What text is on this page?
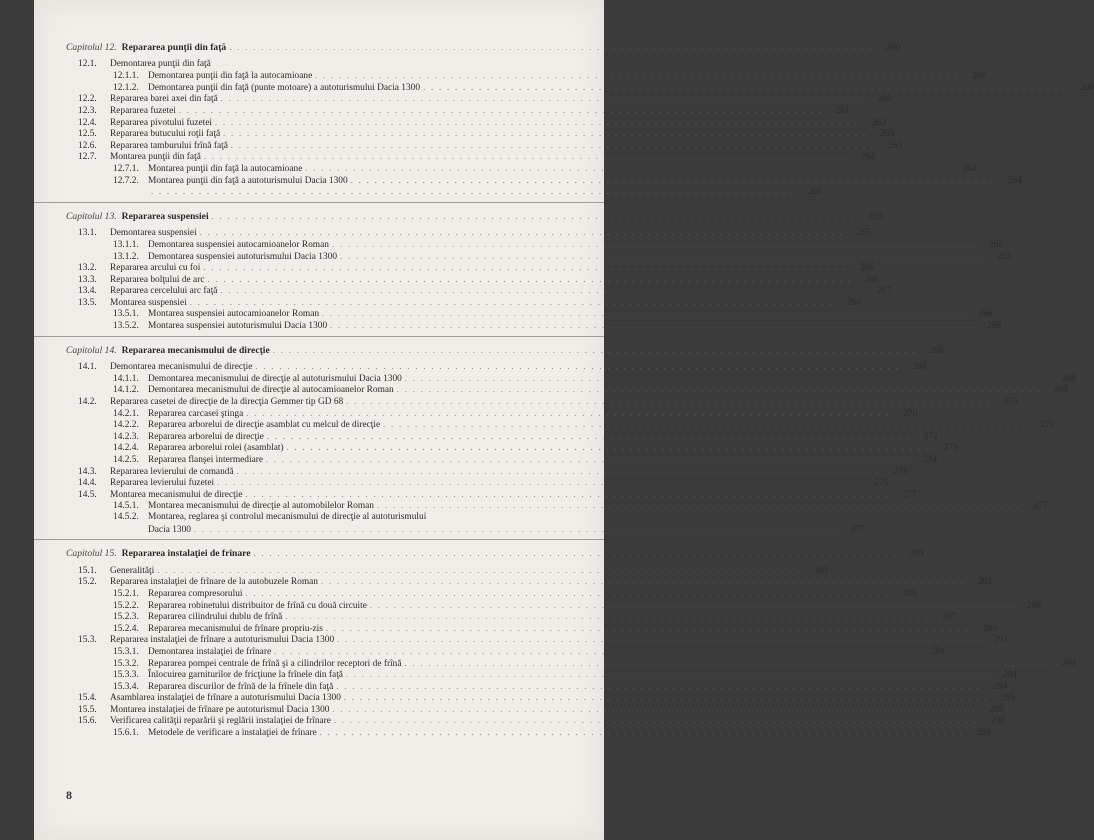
Capitolul 12. Repararea punţii din faţă . . . . . . . . . . . . . . . . . . . . . . . . . . . . . . . . . . . . . . . . . . . . . . . . . . . . . . . . . . . . . . . . . . . . . . . . . . . . . . . . .	260
12.1.	Demontarea punţii din faţă
12.1.1. Demontarea punţii din faţă la autocamioane . . . . . . . . . . . . . . . . . . . . . . . . . . . . . . . . . . . . . . . . . . . . . . . . . . . . . . . . . . . . . . . . . . . . . . . . . . . . . . . . .	260
12.1.2. Demontarea punţii din faţă (punte motoare) a autoturismului Dacia 1300 . . . . . . . . . . . . . . . . . . . . . . . . . . . . . . . . . . . . . . . . . . . . . . . . . . . . . . . . . . . . . . . . . . . . . . . . . . . . . . . . .	260
12.2.	Repararea barei axei din faţă . . . . . . . . . . . . . . . . . . . . . . . . . . . . . . . . . . . . . . . . . . . . . . . . . . . . . . . . . . . . . . . . . . . . . . . . . . . . . . . . .	260
12.3.	Repararea fuzetei . . . . . . . . . . . . . . . . . . . . . . . . . . . . . . . . . . . . . . . . . . . . . . . . . . . . . . . . . . . . . . . . . . . . . . . . . . . . . . . . .	261
12.4.	Repararea pivotului fuzetei . . . . . . . . . . . . . . . . . . . . . . . . . . . . . . . . . . . . . . . . . . . . . . . . . . . . . . . . . . . . . . . . . . . . . . . . . . . . . . . . .	262
12.5.	Repararea butucului roţii faţă . . . . . . . . . . . . . . . . . . . . . . . . . . . . . . . . . . . . . . . . . . . . . . . . . . . . . . . . . . . . . . . . . . . . . . . . . . . . . . . . .	263
12.6.	Repararea tamburului frînă faţă . . . . . . . . . . . . . . . . . . . . . . . . . . . . . . . . . . . . . . . . . . . . . . . . . . . . . . . . . . . . . . . . . . . . . . . . . . . . . . . . .	263
12.7.	Montarea punţii din faţă . . . . . . . . . . . . . . . . . . . . . . . . . . . . . . . . . . . . . . . . . . . . . . . . . . . . . . . . . . . . . . . . . . . . . . . . . . . . . . . . .	264
12.7.1. Montarea punţii din faţă la autocamioane . . . . . . . . . . . . . . . . . . . . . . . . . . . . . . . . . . . . . . . . . . . . . . . . . . . . . . . . . . . . . . . . . . . . . . . . . . . . . . . . .	264
12.7.2. Montarea punţii din faţă a autoturismului Dacia 1300 . . . . . . . . . . . . . . . . . . . . . . . . . . . . . . . . . . . . . . . . . . . . . . . . . . . . . . . . . . . . . . . . . . . . . . . . . . . . . . . . .	264
. . . . . . . . . . . . . . . . . . . . . . . . . . . . . . . . . . . . . . . . . . . . . . . . . . . . . . . . . . . . . . . . . . . . . . . . . . . . . . . . .	265
Capitolul 13. Repararea suspensiei . . . . . . . . . . . . . . . . . . . . . . . . . . . . . . . . . . . . . . . . . . . . . . . . . . . . . . . . . . . . . . . . . . . . . . . . . . . . . . . . .	265
13.1.	Demontarea suspensiei . . . . . . . . . . . . . . . . . . . . . . . . . . . . . . . . . . . . . . . . . . . . . . . . . . . . . . . . . . . . . . . . . . . . . . . . . . . . . . . . .	265
13.1.1. Demontarea suspensiei autocamioanelor Roman . . . . . . . . . . . . . . . . . . . . . . . . . . . . . . . . . . . . . . . . . . . . . . . . . . . . . . . . . . . . . . . . . . . . . . . . . . . . . . . . .	265
13.1.2. Demontarea suspensiei autoturismului Dacia 1300 . . . . . . . . . . . . . . . . . . . . . . . . . . . . . . . . . . . . . . . . . . . . . . . . . . . . . . . . . . . . . . . . . . . . . . . . . . . . . . . . .	265
13.2.	Repararea arcului cu foi . . . . . . . . . . . . . . . . . . . . . . . . . . . . . . . . . . . . . . . . . . . . . . . . . . . . . . . . . . . . . . . . . . . . . . . . . . . . . . . . .	266
13.3.	Repararea bolţului de arc . . . . . . . . . . . . . . . . . . . . . . . . . . . . . . . . . . . . . . . . . . . . . . . . . . . . . . . . . . . . . . . . . . . . . . . . . . . . . . . . .	266
13.4.	Repararea cercelului arc faţă . . . . . . . . . . . . . . . . . . . . . . . . . . . . . . . . . . . . . . . . . . . . . . . . . . . . . . . . . . . . . . . . . . . . . . . . . . . . . . . . .	267
13.5.	Montarea suspensiei . . . . . . . . . . . . . . . . . . . . . . . . . . . . . . . . . . . . . . . . . . . . . . . . . . . . . . . . . . . . . . . . . . . . . . . . . . . . . . . . .	268
13.5.1. Montarea suspensiei autocamioanelor Roman . . . . . . . . . . . . . . . . . . . . . . . . . . . . . . . . . . . . . . . . . . . . . . . . . . . . . . . . . . . . . . . . . . . . . . . . . . . . . . . . .	268
13.5.2. Montarea suspensiei autoturismului Dacia 1300 . . . . . . . . . . . . . . . . . . . . . . . . . . . . . . . . . . . . . . . . . . . . . . . . . . . . . . . . . . . . . . . . . . . . . . . . . . . . . . . . .	268
Capitolul 14. Repararea mecanismului de direcţie . . . . . . . . . . . . . . . . . . . . . . . . . . . . . . . . . . . . . . . . . . . . . . . . . . . . . . . . . . . . . . . . . . . . . . . . . . . . . . . . .	268
14.1.	Demontarea mecanismului de direcţie . . . . . . . . . . . . . . . . . . . . . . . . . . . . . . . . . . . . . . . . . . . . . . . . . . . . . . . . . . . . . . . . . . . . . . . . . . . . . . . . .	268
14.1.1. Demontarea mecanismului de direcţie al autoturismului Dacia 1300 . . . . . . . . . . . . . . . . . . . . . . . . . . . . . . . . . . . . . . . . . . . . . . . . . . . . . . . . . . . . . . . . . . . . . . . . . . . . . . . . .	268
14.1.2. Demontarea mecanismului de direcţie al autocamioanelor Roman . . . . . . . . . . . . . . . . . . . . . . . . . . . . . . . . . . . . . . . . . . . . . . . . . . . . . . . . . . . . . . . . . . . . . . . . . . . . . . . . .	269
14.2.	Repararea casetei de direcţie de la direcţia Gemmer tip GD 68 . . . . . . . . . . . . . . . . . . . . . . . . . . . . . . . . . . . . . . . . . . . . . . . . . . . . . . . . . . . . . . . . . . . . . . . . . . . . . . . . .	270
14.2.1. Repararea carcasei ştinga . . . . . . . . . . . . . . . . . . . . . . . . . . . . . . . . . . . . . . . . . . . . . . . . . . . . . . . . . . . . . . . . . . . . . . . . . . . . . . . . .	270
14.2.2. Repararea arborelui de direcţie asamblat cu melcul de direcţie . . . . . . . . . . . . . . . . . . . . . . . . . . . . . . . . . . . . . . . . . . . . . . . . . . . . . . . . . . . . . . . . . . . . . . . . . . . . . . . . .	271
14.2.3. Repararea arborelui de direcţie . . . . . . . . . . . . . . . . . . . . . . . . . . . . . . . . . . . . . . . . . . . . . . . . . . . . . . . . . . . . . . . . . . . . . . . . . . . . . . . . .	272
14.2.4. Repararea arborelui rolei (asamblat) . . . . . . . . . . . . . . . . . . . . . . . . . . . . . . . . . . . . . . . . . . . . . . . . . . . . . . . . . . . . . . . . . . . . . . . . . . . . . . . . .	273
14.2.5. Repararea flanşei intermediare . . . . . . . . . . . . . . . . . . . . . . . . . . . . . . . . . . . . . . . . . . . . . . . . . . . . . . . . . . . . . . . . . . . . . . . . . . . . . . . . .	274
14.3.	Repararea levierului de comandă . . . . . . . . . . . . . . . . . . . . . . . . . . . . . . . . . . . . . . . . . . . . . . . . . . . . . . . . . . . . . . . . . . . . . . . . . . . . . . . . .	275
14.4.	Repararea levierului fuzetei . . . . . . . . . . . . . . . . . . . . . . . . . . . . . . . . . . . . . . . . . . . . . . . . . . . . . . . . . . . . . . . . . . . . . . . . . . . . . . . . .	276
14.5.	Montarea mecanismului de direcţie . . . . . . . . . . . . . . . . . . . . . . . . . . . . . . . . . . . . . . . . . . . . . . . . . . . . . . . . . . . . . . . . . . . . . . . . . . . . . . . . .	277
14.5.1. Montarea mecanismului de direcţie al automobilelor Roman . . . . . . . . . . . . . . . . . . . . . . . . . . . . . . . . . . . . . . . . . . . . . . . . . . . . . . . . . . . . . . . . . . . . . . . . . . . . . . . . .	277
14.5.2. Montarea, reglarea şi controlul mecanismului de direcţie al autoturismului
Dacia 1300 . . . . . . . . . . . . . . . . . . . . . . . . . . . . . . . . . . . . . . . . . . . . . . . . . . . . . . . . . . . . . . . . . . . . . . . . . . . . . . . . .	277
Capitolul 15. Repararea instalaţiei de frînare . . . . . . . . . . . . . . . . . . . . . . . . . . . . . . . . . . . . . . . . . . . . . . . . . . . . . . . . . . . . . . . . . . . . . . . . . . . . . . . . .	281
15.1.	Generalităţi . . . . . . . . . . . . . . . . . . . . . . . . . . . . . . . . . . . . . . . . . . . . . . . . . . . . . . . . . . . . . . . . . . . . . . . . . . . . . . . . .	281
15.2.	Repararea instalaţiei de frînare de la autobuzele Roman . . . . . . . . . . . . . . . . . . . . . . . . . . . . . . . . . . . . . . . . . . . . . . . . . . . . . . . . . . . . . . . . . . . . . . . . . . . . . . . . .	283
15.2.1. Repararea compresorului . . . . . . . . . . . . . . . . . . . . . . . . . . . . . . . . . . . . . . . . . . . . . . . . . . . . . . . . . . . . . . . . . . . . . . . . . . . . . . . . .	283
15.2.2. Repararea robinetului distribuitor de frînă cu două circuite . . . . . . . . . . . . . . . . . . . . . . . . . . . . . . . . . . . . . . . . . . . . . . . . . . . . . . . . . . . . . . . . . . . . . . . . . . . . . . . . .	286
15.2.3. Repararea cilindrului dublu de frînă . . . . . . . . . . . . . . . . . . . . . . . . . . . . . . . . . . . . . . . . . . . . . . . . . . . . . . . . . . . . . . . . . . . . . . . . . . . . . . . . .	287
15.2.4. Repararea mecanismului de frînare propriu-zis . . . . . . . . . . . . . . . . . . . . . . . . . . . . . . . . . . . . . . . . . . . . . . . . . . . . . . . . . . . . . . . . . . . . . . . . . . . . . . . . .	289
15.3.	Repararea instalaţiei de frînare a autoturismului Dacia 1300 . . . . . . . . . . . . . . . . . . . . . . . . . . . . . . . . . . . . . . . . . . . . . . . . . . . . . . . . . . . . . . . . . . . . . . . . . . . . . . . . .	291
15.3.1. Demontarea instalaţiei de frînare . . . . . . . . . . . . . . . . . . . . . . . . . . . . . . . . . . . . . . . . . . . . . . . . . . . . . . . . . . . . . . . . . . . . . . . . . . . . . . . . .	291
15.3.2. Repararea pompei centrale de frînă şi a cilindrilor receptori de frînă . . . . . . . . . . . . . . . . . . . . . . . . . . . . . . . . . . . . . . . . . . . . . . . . . . . . . . . . . . . . . . . . . . . . . . . . . . . . . . . . .	293
15.3.3. Înlocuirea garniturilor de fricţiune la frînele din faţă . . . . . . . . . . . . . . . . . . . . . . . . . . . . . . . . . . . . . . . . . . . . . . . . . . . . . . . . . . . . . . . . . . . . . . . . . . . . . . . . .	294
15.3.4. Repararea discurilor de frînă de la frînele din faţă . . . . . . . . . . . . . . . . . . . . . . . . . . . . . . . . . . . . . . . . . . . . . . . . . . . . . . . . . . . . . . . . . . . . . . . . . . . . . . . . .	294
15.4.	Asamblarea instalaţiei de frînare a autoturismului Dacia 1300 . . . . . . . . . . . . . . . . . . . . . . . . . . . . . . . . . . . . . . . . . . . . . . . . . . . . . . . . . . . . . . . . . . . . . . . . . . . . . . . . .	295
15.5.	Montarea instalaţiei de frînare pe autoturismul Dacia 1300 . . . . . . . . . . . . . . . . . . . . . . . . . . . . . . . . . . . . . . . . . . . . . . . . . . . . . . . . . . . . . . . . . . . . . . . . . . . . . . . . .	295
15.6.	Verificarea calităţii reparării şi reglării instalaţiei de frînare . . . . . . . . . . . . . . . . . . . . . . . . . . . . . . . . . . . . . . . . . . . . . . . . . . . . . . . . . . . . . . . . . . . . . . . . . . . . . . . . .	298
15.6.1. Metodele de verificare a instalaţiei de frînare . . . . . . . . . . . . . . . . . . . . . . . . . . . . . . . . . . . . . . . . . . . . . . . . . . . . . . . . . . . . . . . . . . . . . . . . . . . . . . . . .	298
8
